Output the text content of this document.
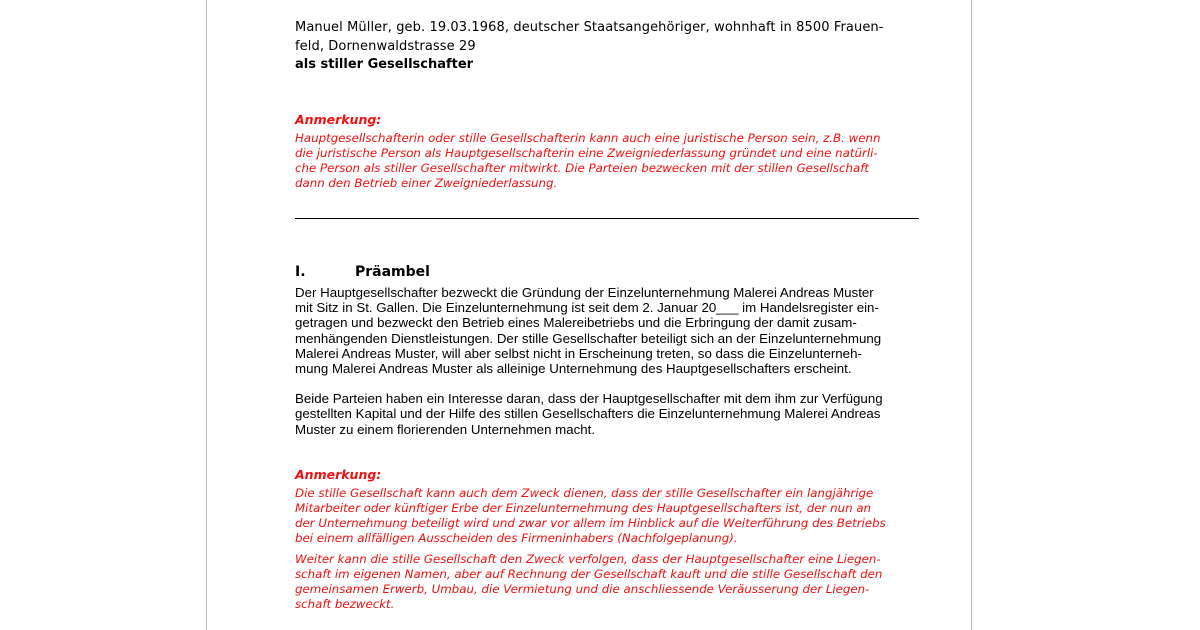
Manuel Müller, geb. 19.03.1968, deutscher Staatsangehöriger, wohnhaft in 8500 Frauen-
feld, Dornenwaldstrasse 29
als stiller Gesellschafter
Anmerkung:
Hauptgesellschafterin oder stille Gesellschafterin kann auch eine juristische Person sein, z.B. wenn
die juristische Person als Hauptgesellschafterin eine Zweigniederlassung gründet und eine natürli-
che Person als stiller Gesellschafter mitwirkt. Die Parteien bezwecken mit der stillen Gesellschaft
dann den Betrieb einer Zweigniederlassung.
I.	Präambel
Der Hauptgesellschafter bezweckt die Gründung der Einzelunternehmung Malerei Andreas Muster
mit Sitz in St. Gallen. Die Einzelunternehmung ist seit dem 2. Januar 20___ im Handelsregister ein-
getragen und bezweckt den Betrieb eines Malereibetriebs und die Erbringung der damit zusam-
menhängenden Dienstleistungen. Der stille Gesellschafter beteiligt sich an der Einzelunternehmung
Malerei Andreas Muster, will aber selbst nicht in Erscheinung treten, so dass die Einzelunterneh-
mung Malerei Andreas Muster als alleinige Unternehmung des Hauptgesellschafters erscheint.
Beide Parteien haben ein Interesse daran, dass der Hauptgesellschafter mit dem ihm zur Verfügung
gestellten Kapital und der Hilfe des stillen Gesellschafters die Einzelunternehmung Malerei Andreas
Muster zu einem florierenden Unternehmen macht.
Anmerkung:
Die stille Gesellschaft kann auch dem Zweck dienen, dass der stille Gesellschafter ein langjährige
Mitarbeiter oder künftiger Erbe der Einzelunternehmung des Hauptgesellschafters ist, der nun an
der Unternehmung beteiligt wird und zwar vor allem im Hinblick auf die Weiterführung des Betriebs
bei einem allfälligen Ausscheiden des Firmeninhabers (Nachfolgeplanung).
Weiter kann die stille Gesellschaft den Zweck verfolgen, dass der Hauptgesellschafter eine Liegen-
schaft im eigenen Namen, aber auf Rechnung der Gesellschaft kauft und die stille Gesellschaft den
gemeinsamen Erwerb, Umbau, die Vermietung und die anschliessende Veräusserung der Liegen-
schaft bezweckt.
